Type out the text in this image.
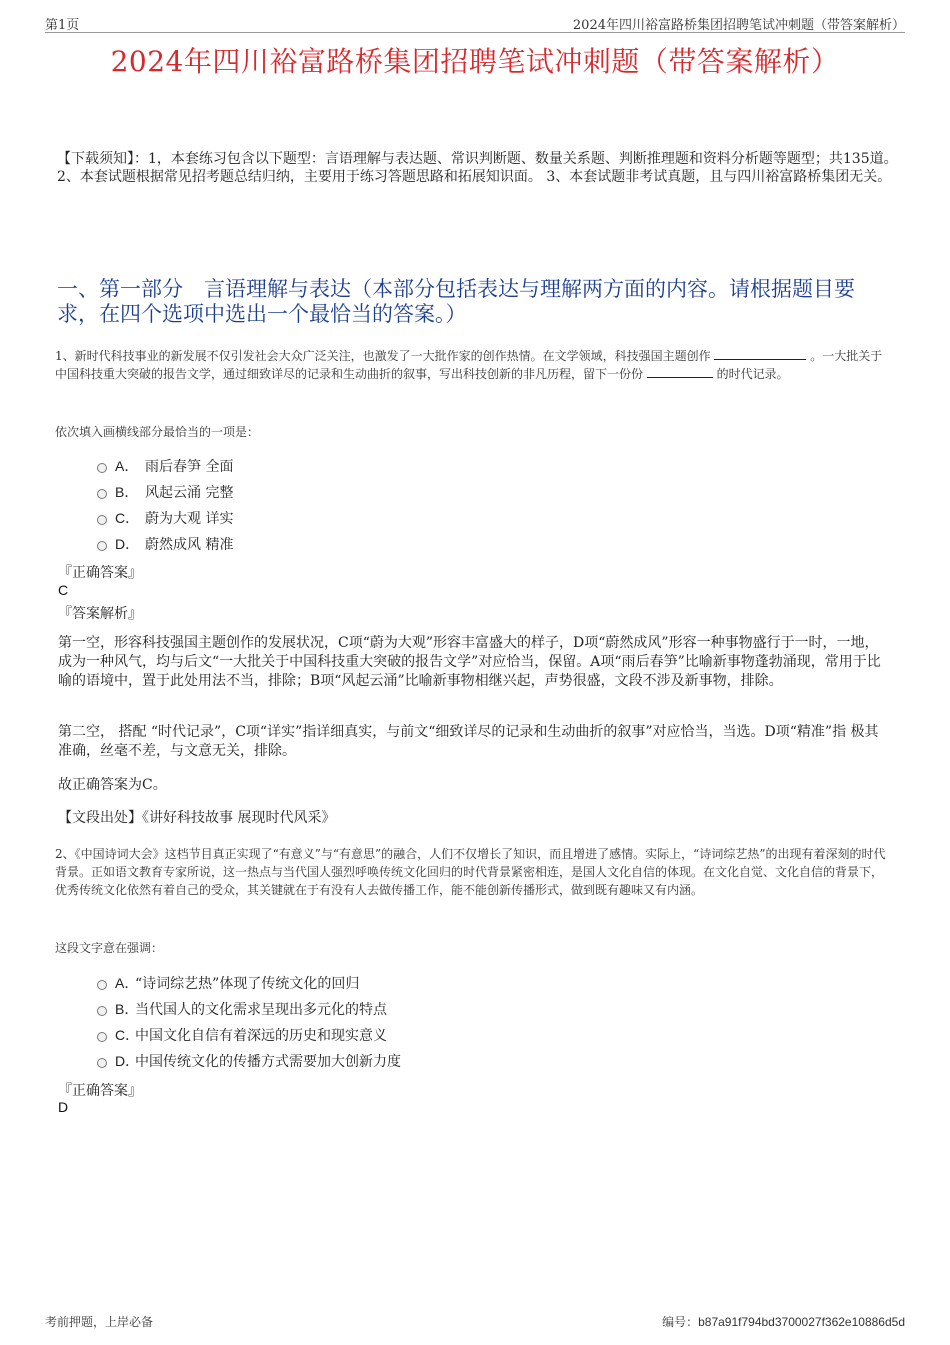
第1页	2024年四川裕富路桥集团招聘笔试冲刺题（带答案解析）
2024年四川裕富路桥集团招聘笔试冲刺题（带答案解析）
【下载须知】：1，本套练习包含以下题型：言语理解与表达题、常识判断题、数量关系题、判断推理题和资料分析题等题型；共135道。 2、本套试题根据常见招考题总结归纳，主要用于练习答题思路和拓展知识面。 3、本套试题非考试真题，且与四川裕富路桥集团无关。
一、第一部分　言语理解与表达（本部分包括表达与理解两方面的内容。请根据题目要求，在四个选项中选出一个最恰当的答案。）
1、新时代科技事业的新发展不仅引发社会大众广泛关注，也激发了一大批作家的创作热情。在文学领域，科技强国主题创作	。一大批关于中国科技重大突破的报告文学，通过细致详尽的记录和生动曲折的叙事，写出科技创新的非凡历程，留下一份份	的时代记录。
依次填入画横线部分最恰当的一项是：
A． 雨后春笋 全面
B． 风起云涌 完整
C． 蔚为大观 详实
D． 蔚然成风 精准
『正确答案』
C
『答案解析』
第一空，形容科技强国主题创作的发展状况，C项“蔚为大观”形容丰富盛大的样子，D项“蔚然成风”形容一种事物盛行于一时，一地，成为一种风气，均与后文“一大批关于中国科技重大突破的报告文学”对应恰当，保留。A项“雨后春笋”比喻新事物蓬勃涌现，常用于比喻的语境中，置于此处用法不当，排除；B项“风起云涌”比喻新事物相继兴起，声势很盛，文段不涉及新事物，排除。
第二空， 搭配 “时代记录”，C项“详实”指详细真实，与前文“细致详尽的记录和生动曲折的叙事”对应恰当，当选。D项“精准”指 极其准确，丝毫不差，与文意无关，排除。
故正确答案为C。
【文段出处】《讲好科技故事 展现时代风采》
2、《中国诗词大会》这档节目真正实现了“有意义”与“有意思”的融合，人们不仅增长了知识，而且增进了感情。实际上，“诗词综艺热”的出现有着深刻的时代背景。正如语文教育专家所说，这一热点与当代国人强烈呼唤传统文化回归的时代背景紧密相连，是国人文化自信的体现。在文化自觉、文化自信的背景下，优秀传统文化依然有着自己的受众，其关键就在于有没有人去做传播工作，能不能创新传播形式，做到既有趣味又有内涵。
这段文字意在强调：
A．
“诗词综艺热”体现了传统文化的回归
B．
当代国人的文化需求呈现出多元化的特点
C．
中国文化自信有着深远的历史和现实意义
D．
中国传统文化的传播方式需要加大创新力度
『正确答案』
D
考前押题，上岸必备	编号：b87a91f794bd3700027f362e10886d5d
